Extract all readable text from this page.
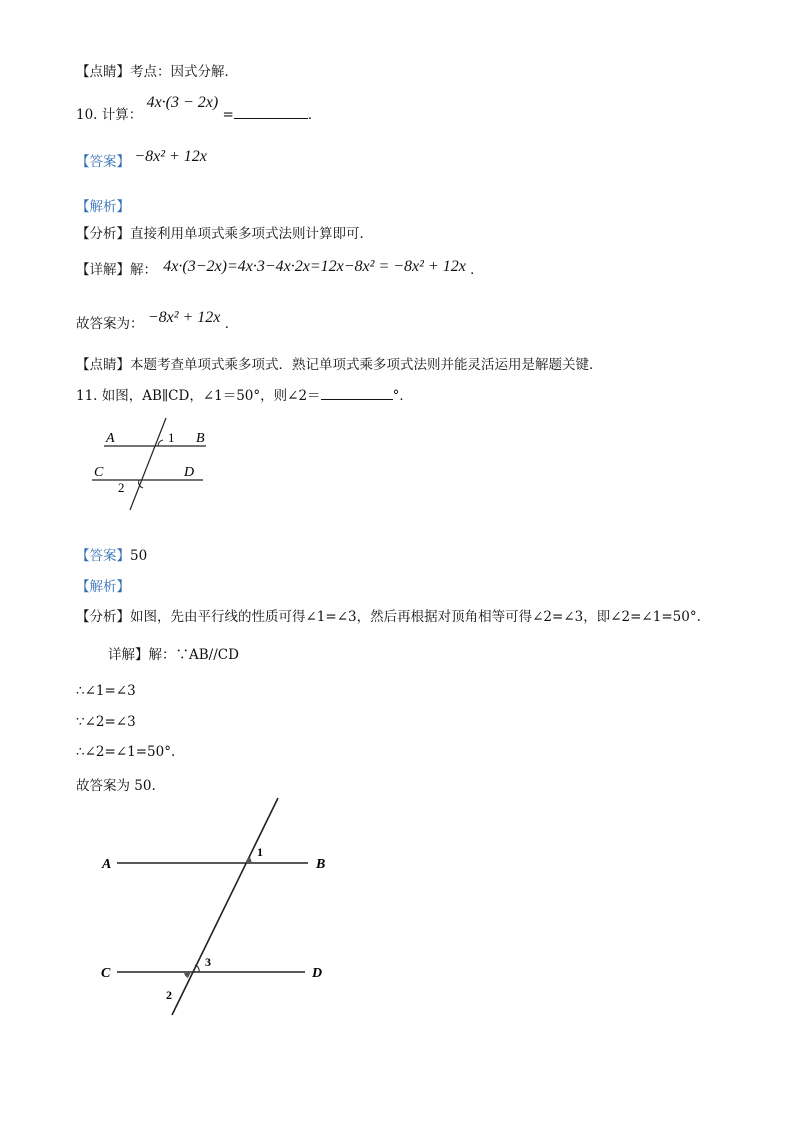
【点睛】考点：因式分解．
10. 计算： 4x·(3 − 2x) =	．
【答案】 −8x² + 12x
【解析】
【分析】直接利用单项式乘多项式法则计算即可．
【详解】解： 4x·(3−2x)=4x·3−4x·2x=12x−8x² = −8x² + 12x ．
故答案为： −8x² + 12x ．
【点睛】本题考查单项式乘多项式．熟记单项式乘多项式法则并能灵活运用是解题关键．
11. 如图，AB∥CD，∠1＝50°，则∠2＝	°．
A	B
C	D
1
2
【答案】50
【解析】
【分析】如图，先由平行线的性质可得∠1=∠3，然后再根据对顶角相等可得∠2=∠3，即∠2=∠1=50°.
详解】解：∵AB//CD
∴∠1=∠3
∵∠2=∠3
∴∠2=∠1=50°.
故答案为 50.
A	B
C	D
1
2
3
